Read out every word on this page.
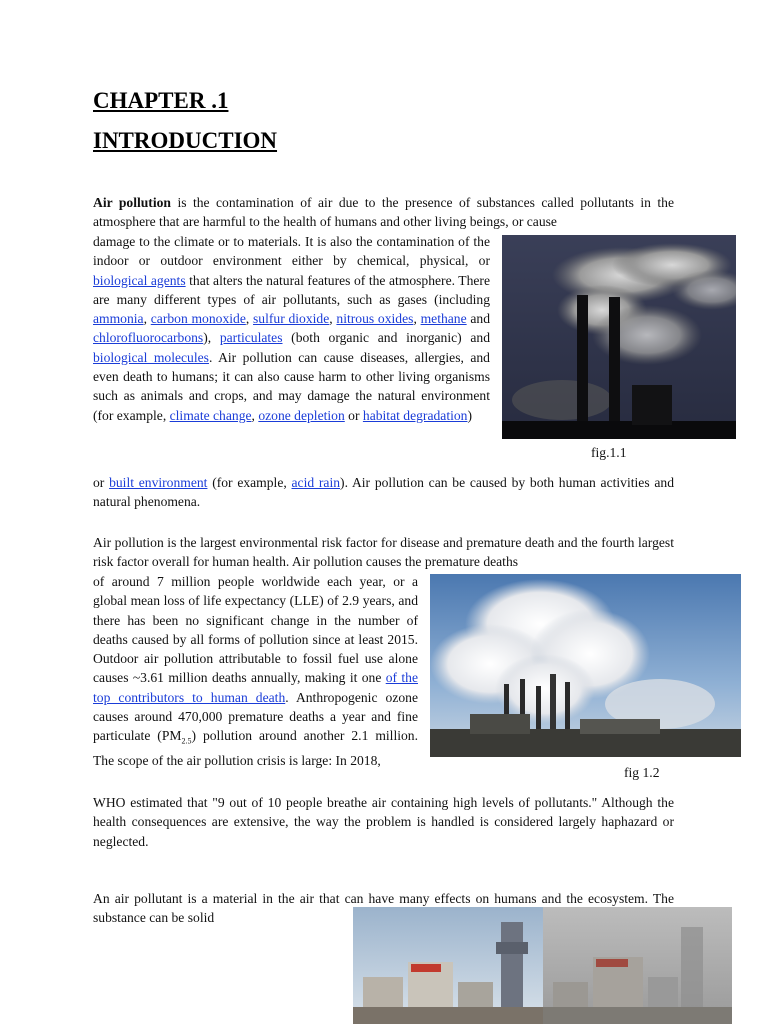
CHAPTER .1
INTRODUCTION
Air pollution is the contamination of air due to the presence of substances called pollutants in the atmosphere that are harmful to the health of humans and other living beings, or cause
damage to the climate or to materials. It is also the contamination of the indoor or outdoor environment either by chemical, physical, or biological agents that alters the natural features of the atmosphere. There are many different types of air pollutants, such as gases (including ammonia, carbon monoxide, sulfur dioxide, nitrous oxides, methane and chlorofluorocarbons), particulates (both organic and inorganic) and biological molecules. Air pollution can cause diseases, allergies, and even death to humans; it can also cause harm to other living organisms such as animals and crops, and may damage the natural environment (for example, climate change, ozone depletion or habitat degradation)
fig.1.1
or built environment (for example, acid rain). Air pollution can be caused by both human activities and natural phenomena.
Air pollution is the largest environmental risk factor for disease and premature death and the fourth largest risk factor overall for human health. Air pollution causes the premature deaths
of around 7 million people worldwide each year, or a global mean loss of life expectancy (LLE) of 2.9 years, and there has been no significant change in the number of deaths caused by all forms of pollution since at least 2015. Outdoor air pollution attributable to fossil fuel use alone causes ~3.61 million deaths annually, making it one of the top contributors to human death. Anthropogenic ozone causes around 470,000 premature deaths a year and fine particulate $(PM_{2.5})$ pollution around another 2.1 million. The scope of the air pollution crisis is large: In 2018,
fig 1.2
WHO estimated that "9 out of 10 people breathe air containing high levels of pollutants." Although the health consequences are extensive, the way the problem is handled is considered largely haphazard or neglected.
An air pollutant is a material in the air that can have many effects on humans and the ecosystem. The substance can be solid
